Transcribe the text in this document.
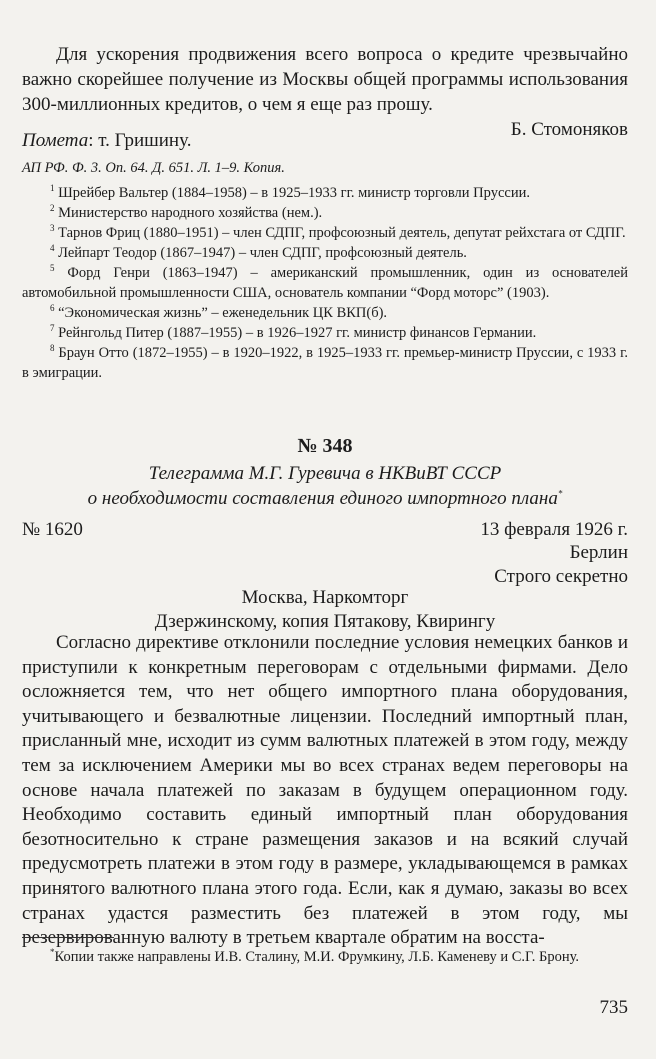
Для ускорения продвижения всего вопроса о кредите чрезвычайно важно скорейшее получение из Москвы общей программы использования 300-миллионных кредитов, о чем я еще раз прошу.
Б. Стомоняков
Помета: т. Гришину.
АП РФ. Ф. 3. Оп. 64. Д. 651. Л. 1–9. Копия.
$^1$ Шрейбер Вальтер (1884–1958) – в 1925–1933 гг. министр торговли Пруссии.
$^2$ Министерство народного хозяйства (нем.).
$^3$ Тарнов Фриц (1880–1951) – член СДПГ, профсоюзный деятель, депутат рейхстага от СДПГ.
$^4$ Лейпарт Теодор (1867–1947) – член СДПГ, профсоюзный деятель.
$^5$ Форд Генри (1863–1947) – американский промышленник, один из основателей автомобильной промышленности США, основатель компании “Форд моторс” (1903).
$^6$ “Экономическая жизнь” – еженедельник ЦК ВКП(б).
$^7$ Рейнгольд Питер (1887–1955) – в 1926–1927 гг. министр финансов Германии.
$^8$ Браун Отто (1872–1955) – в 1920–1922, в 1925–1933 гг. премьер-министр Пруссии, с 1933 г. в эмиграции.
№ 348
Телеграмма М.Г. Гуревича в НКВиВТ СССР
о необходимости составления единого импортного плана*
№ 1620	13 февраля 1926 г.
Берлин
Строго секретно
Москва, Наркомторг
Дзержинскому, копия Пятакову, Квирингу
Согласно директиве отклонили последние условия немецких банков и приступили к конкретным переговорам с отдельными фирмами. Дело осложняется тем, что нет общего импортного плана оборудования, учитывающего и безвалютные лицензии. Последний импортный план, присланный мне, исходит из сумм валютных платежей в этом году, между тем за исключением Америки мы во всех странах ведем переговоры на основе начала платежей по заказам в будущем операционном году. Необходимо составить единый импортный план оборудования безотносительно к стране размещения заказов и на всякий случай предусмотреть платежи в этом году в размере, укладывающемся в рамках принятого валютного плана этого года. Если, как я думаю, заказы во всех странах удастся разместить без платежей в этом году, мы резервированную валюту в третьем квартале обратим на восста-
*Копии также направлены И.В. Сталину, М.И. Фрумкину, Л.Б. Каменеву и С.Г. Брону.
735
